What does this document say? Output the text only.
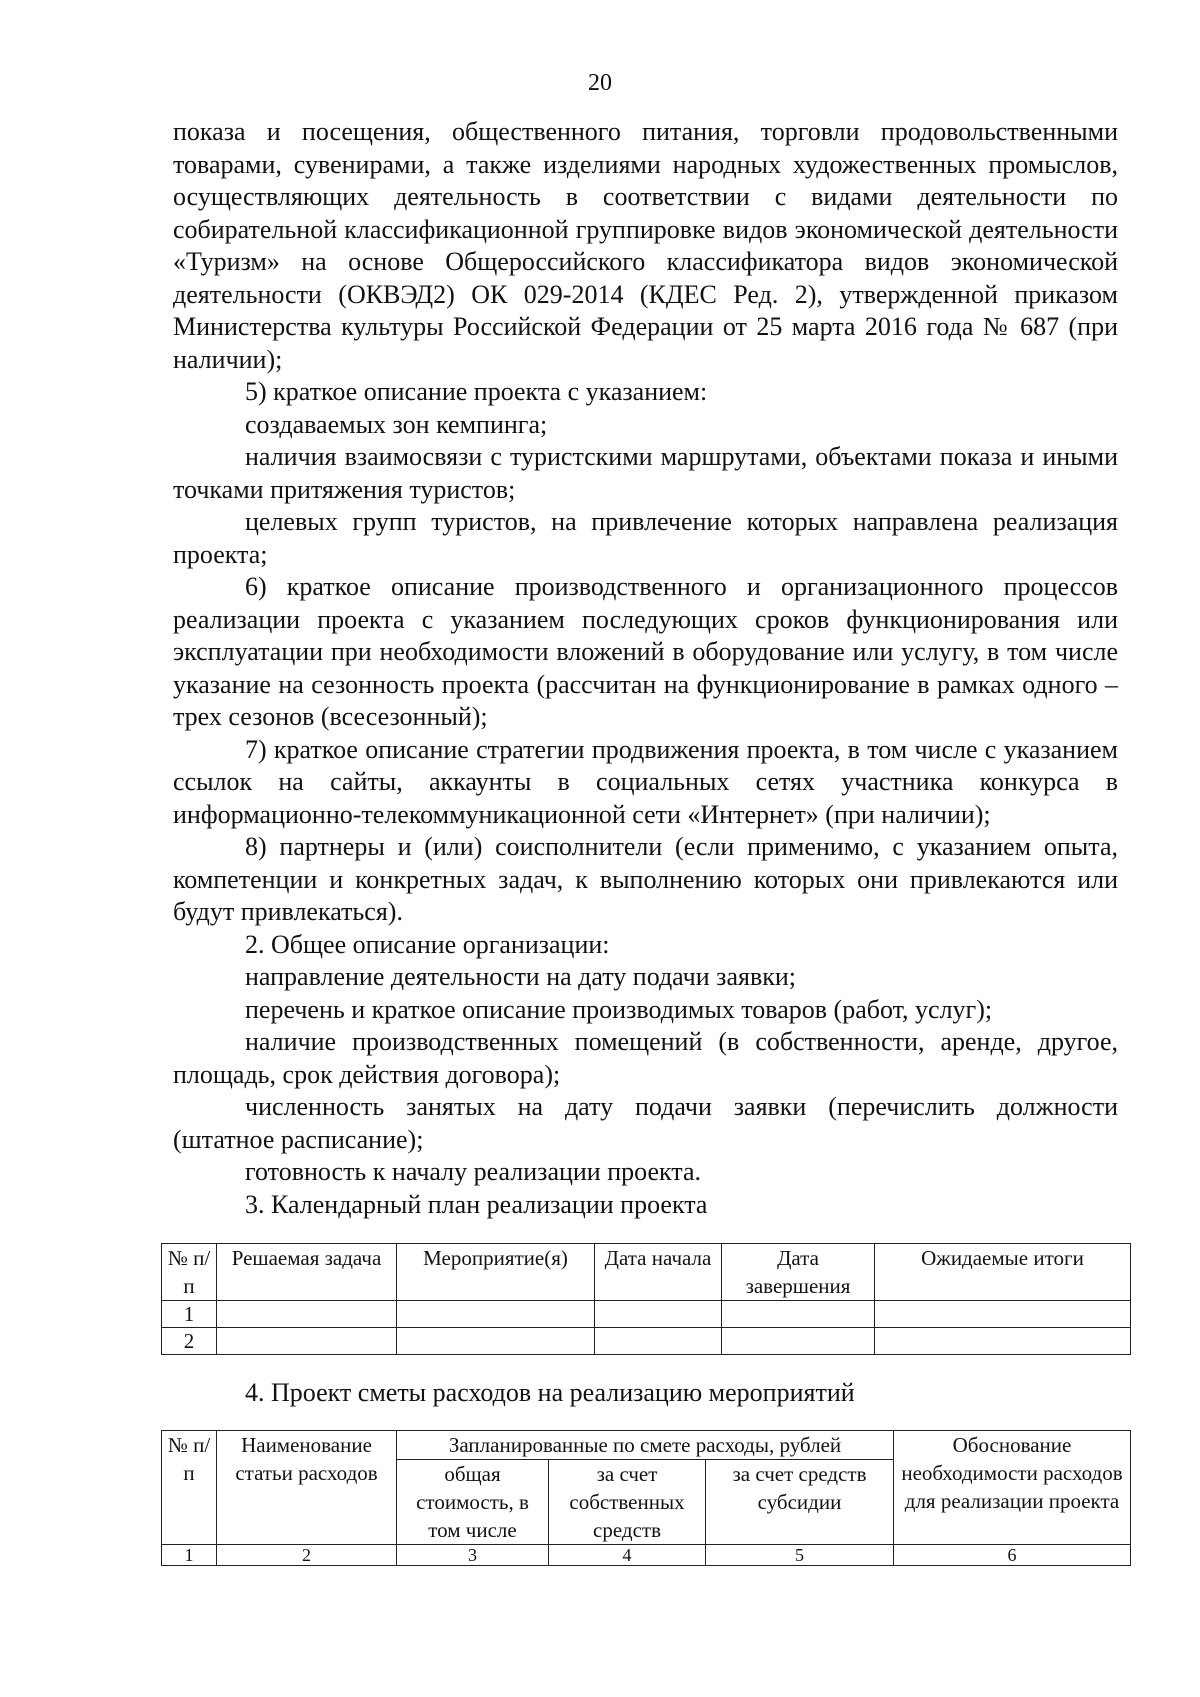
20

показа и посещения, общественного питания, торговли продовольственными товарами, сувенирами, а также изделиями народных художественных промыслов, осуществляющих деятельность в соответствии с видами деятельности по собирательной классификационной группировке видов экономической деятельности «Туризм» на основе Общероссийского классификатора видов экономической деятельности (ОКВЭД2) ОК 029-2014 (КДЕС Ред. 2), утвержденной приказом Министерства культуры Российской Федерации от 25 марта 2016 года № 687 (при наличии);

5) краткое описание проекта с указанием:

создаваемых зон кемпинга;

наличия взаимосвязи с туристскими маршрутами, объектами показа и иными точками притяжения туристов;

целевых групп туристов, на привлечение которых направлена реализация проекта;

6) краткое описание производственного и организационного процессов реализации проекта с указанием последующих сроков функционирования или эксплуатации при необходимости вложений в оборудование или услугу, в том числе указание на сезонность проекта (рассчитан на функционирование в рамках одного – трех сезонов (всесезонный);

7) краткое описание стратегии продвижения проекта, в том числе с указанием ссылок на сайты, аккаунты в социальных сетях участника конкурса в информационно-телекоммуникационной сети «Интернет» (при наличии);

8) партнеры и (или) соисполнители (если применимо, с указанием опыта, компетенции и конкретных задач, к выполнению которых они привлекаются или будут привлекаться).

2. Общее описание организации:

направление деятельности на дату подачи заявки;

перечень и краткое описание производимых товаров (работ, услуг);

наличие производственных помещений (в собственности, аренде, другое, площадь, срок действия договора);

численность занятых на дату подачи заявки (перечислить должности (штатное расписание);

готовность к началу реализации проекта.

3. Календарный план реализации проекта

№ п/п	Решаемая задача	Мероприятие(я)	Дата начала	Дата завершения	Ожидаемые итоги
1					
2					
4. Проект сметы расходов на реализацию мероприятий
№ п/п	Наименование статьи расходов	Запланированные по смете расходы, рублей			Обоснование необходимости расходов для реализации проекта
		общая стоимость, в том числе	за счет собственных средств	за счет средств субсидии	
1	2	3	4	5	6
